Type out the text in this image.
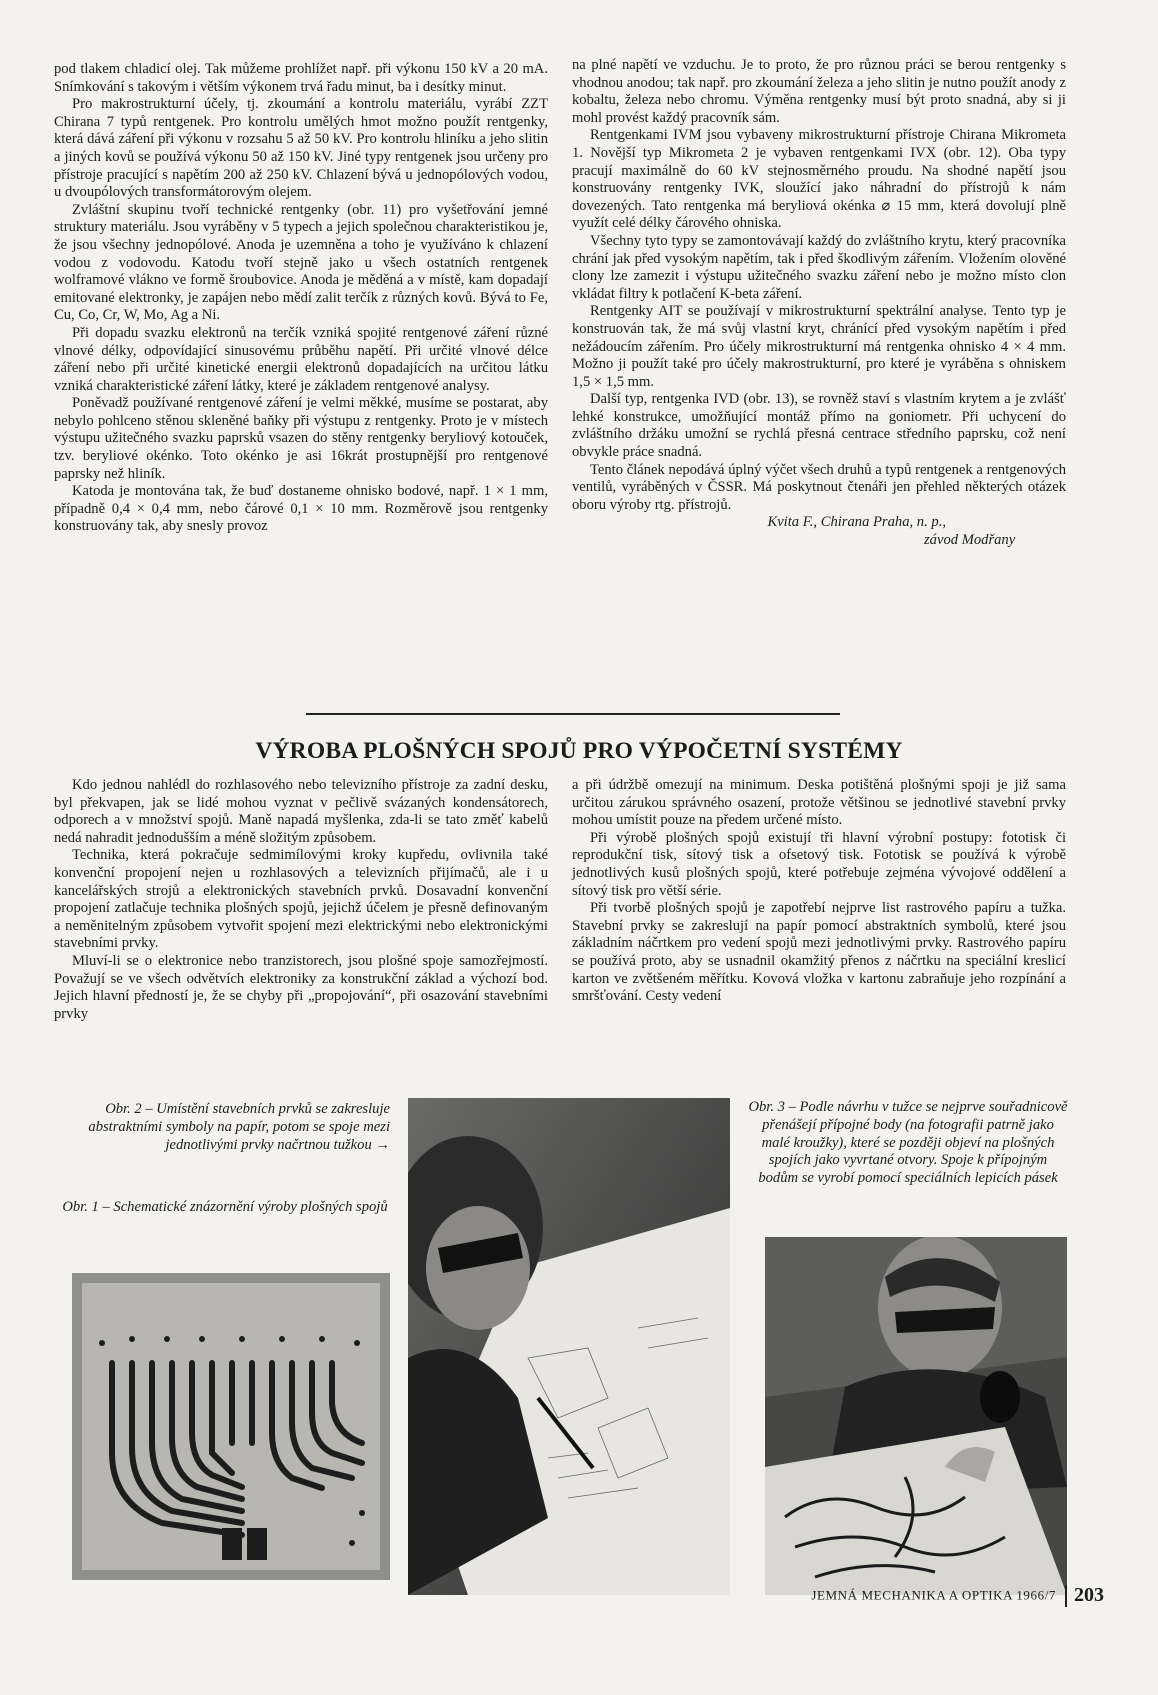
pod tlakem chladicí olej. Tak můžeme prohlížet např. při výkonu 150 kV a 20 mA. Snímkování s takovým i větším výkonem trvá řadu minut, ba i desítky minut.

Pro makrostrukturní účely, tj. zkoumání a kontrolu materiálu, vyrábí ZZT Chirana 7 typů rentgenek. Pro kontrolu umělých hmot možno použít rentgenky, která dává záření při výkonu v rozsahu 5 až 50 kV. Pro kontrolu hliníku a jeho slitin a jiných kovů se používá výkonu 50 až 150 kV. Jiné typy rentgenek jsou určeny pro přístroje pracující s napětím 200 až 250 kV. Chlazení bývá u jednopólových vodou, u dvoupólových transformátorovým olejem.

Zvláštní skupinu tvoří technické rentgenky (obr. 11) pro vyšetřování jemné struktury materiálu. Jsou vyráběny v 5 typech a jejich společnou charakteristikou je, že jsou všechny jednopólové. Anoda je uzemněna a toho je využíváno k chlazení vodou z vodovodu. Katodu tvoří stejně jako u všech ostatních rentgenek wolframové vlákno ve formě šroubovice. Anoda je měděná a v místě, kam dopadají emitované elektronky, je zapájen nebo mědí zalit terčík z různých kovů. Bývá to Fe, Cu, Co, Cr, W, Mo, Ag a Ni.

Při dopadu svazku elektronů na terčík vzniká spojité rentgenové záření různé vlnové délky, odpovídající sinusovému průběhu napětí. Při určité vlnové délce záření nebo při určité kinetické energii elektronů dopadajících na určitou látku vzniká charakteristické záření látky, které je základem rentgenové analysy.

Poněvadž používané rentgenové záření je velmi měkké, musíme se postarat, aby nebylo pohlceno stěnou skleněné baňky při výstupu z rentgenky. Proto je v místech výstupu užitečného svazku paprsků vsazen do stěny rentgenky beryliový kotouček, tzv. beryliové okénko. Toto okénko je asi 16krát prostupnější pro rentgenové paprsky než hliník.

Katoda je montována tak, že buď dostaneme ohnisko bodové, např. 1 × 1 mm, případně 0,4 × 0,4 mm, nebo čárové 0,1 × 10 mm. Rozměrově jsou rentgenky konstruovány tak, aby snesly provoz

na plné napětí ve vzduchu. Je to proto, že pro různou práci se berou rentgenky s vhodnou anodou; tak např. pro zkoumání železa a jeho slitin je nutno použít anody z kobaltu, železa nebo chromu. Výměna rentgenky musí být proto snadná, aby si ji mohl provést každý pracovník sám.

Rentgenkami IVM jsou vybaveny mikrostrukturní přístroje Chirana Mikrometa 1. Novější typ Mikrometa 2 je vybaven rentgenkami IVX (obr. 12). Oba typy pracují maximálně do 60 kV stejnosměrného proudu. Na shodné napětí jsou konstruovány rentgenky IVK, sloužící jako náhradní do přístrojů k nám dovezených. Tato rentgenka má beryliová okénka ⌀ 15 mm, která dovolují plně využít celé délky čárového ohniska.

Všechny tyto typy se zamontovávají každý do zvláštního krytu, který pracovníka chrání jak před vysokým napětím, tak i před škodlivým zářením. Vložením olověné clony lze zamezit i výstupu užitečného svazku záření nebo je možno místo clon vkládat filtry k potlačení K-beta záření.

Rentgenky AIT se používají v mikrostrukturní spektrální analyse. Tento typ je konstruován tak, že má svůj vlastní kryt, chránící před vysokým napětím i před nežádoucím zářením. Pro účely mikrostrukturní má rentgenka ohnisko 4 × 4 mm. Možno ji použít také pro účely makrostrukturní, pro které je vyráběna s ohniskem 1,5 × 1,5 mm.

Další typ, rentgenka IVD (obr. 13), se rovněž staví s vlastním krytem a je zvlášť lehké konstrukce, umožňující montáž přímo na goniometr. Při uchycení do zvláštního držáku umožní se rychlá přesná centrace středního paprsku, což není obvykle práce snadná.

Tento článek nepodává úplný výčet všech druhů a typů rentgenek a rentgenových ventilů, vyráběných v ČSSR. Má poskytnout čtenáři jen přehled některých otázek oboru výroby rtg. přístrojů.

Kvita F., Chirana Praha, n. p.,
závod Modřany
VÝROBA PLOŠNÝCH SPOJŮ PRO VÝPOČETNÍ SYSTÉMY

Kdo jednou nahlédl do rozhlasového nebo televizního přístroje za zadní desku, byl překvapen, jak se lidé mohou vyznat v pečlivě svázaných kondensátorech, odporech a v množství spojů. Maně napadá myšlenka, zda-li se tato změť kabelů nedá nahradit jednodušším a méně složitým způsobem.

Technika, která pokračuje sedmimílovými kroky kupředu, ovlivnila také konvenční propojení nejen u rozhlasových a televizních přijímačů, ale i u kancelářských strojů a elektronických stavebních prvků. Dosavadní konvenční propojení zatlačuje technika plošných spojů, jejichž účelem je přesně definovaným a neměnitelným způsobem vytvořit spojení mezi elektrickými nebo elektronickými stavebními prvky.

Mluví-li se o elektronice nebo tranzistorech, jsou plošné spoje samozřejmostí. Považují se ve všech odvětvích elektroniky za konstrukční základ a výchozí bod. Jejich hlavní předností je, že se chyby při „propojování“, při osazování stavebními prvky

a při údržbě omezují na minimum. Deska potištěná plošnými spoji je již sama určitou zárukou správného osazení, protože většinou se jednotlivé stavební prvky mohou umístit pouze na předem určené místo.

Při výrobě plošných spojů existují tři hlavní výrobní postupy: fototisk či reprodukční tisk, sítový tisk a ofsetový tisk. Fototisk se používá k výrobě jednotlivých kusů plošných spojů, které potřebuje zejména vývojové oddělení a sítový tisk pro větší série.

Při tvorbě plošných spojů je zapotřebí nejprve list rastrového papíru a tužka. Stavební prvky se zakreslují na papír pomocí abstraktních symbolů, které jsou základním náčrtkem pro vedení spojů mezi jednotlivými prvky. Rastrového papíru se používá proto, aby se usnadnil okamžitý přenos z náčrtku na speciální kreslicí karton ve zvětšeném měřítku. Kovová vložka v kartonu zabraňuje jeho rozpínání a smršťování. Cesty vedení

Obr. 2 – Umístění stavebních prvků se zakresluje abstraktními symboly na papír, potom se spoje mezi jednotlivými prvky načrtnou tužkou →
Obr. 1 – Schematické znázornění výroby plošných spojů
Obr. 3 – Podle návrhu v tužce se nejprve souřadnicově přenášejí přípojné body (na fotografii patrně jako malé kroužky), které se později objeví na plošných spojích jako vyvrtané otvory. Spoje k přípojným bodům se vyrobí pomocí speciálních lepicích pásek
JEMNÁ MECHANIKA A OPTIKA 1966/7 203
